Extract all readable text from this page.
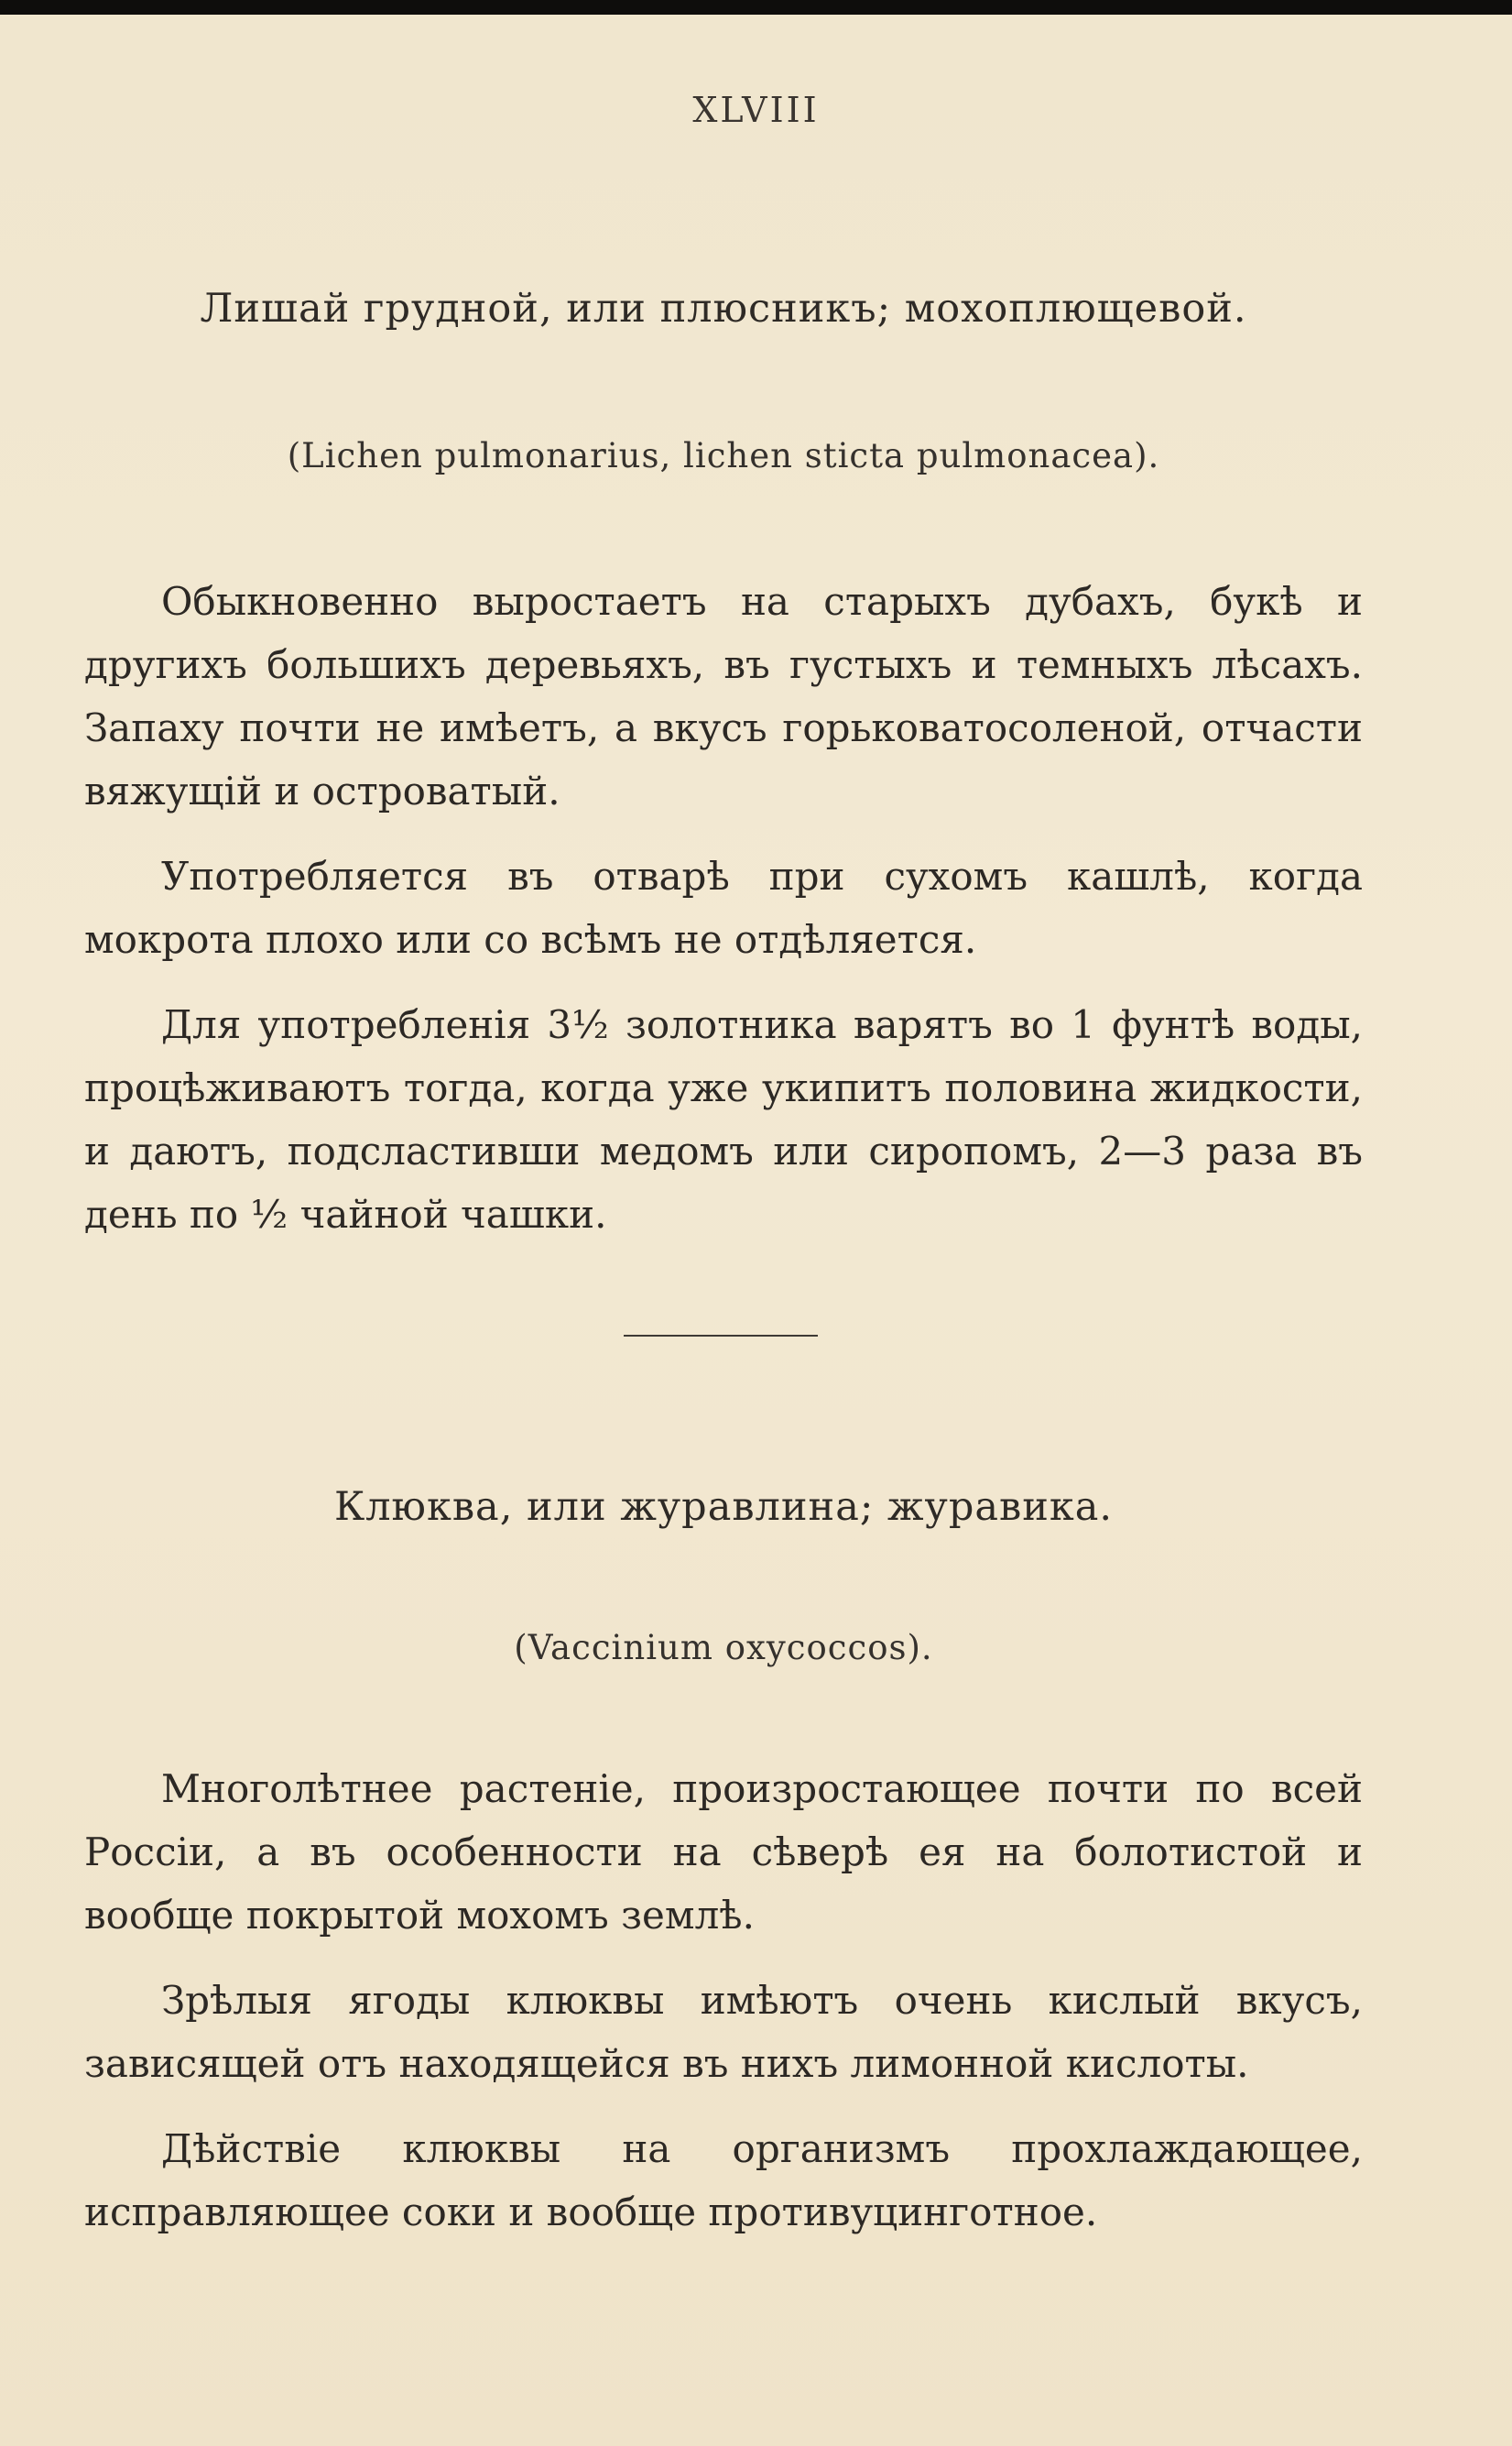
XLVIII

Лишай грудной, или плюсникъ; мохоплющевой.

(Lichen pulmonarius, lichen sticta pulmonacea).

Обыкновенно выростаетъ на старыхъ дубахъ, букѣ и другихъ большихъ деревьяхъ, въ густыхъ и темныхъ лѣсахъ. Запаху почти не имѣетъ, а вкусъ горьковатосоленой, отчасти вяжущій и островатый.

Употребляется въ отварѣ при сухомъ кашлѣ, когда мокрота плохо или со всѣмъ не отдѣляется.

Для употребленія 3½ золотника варятъ во 1 фунтѣ воды, процѣживаютъ тогда, когда уже укипитъ половина жидкости, и даютъ, подсластивши медомъ или сиропомъ, 2—3 раза въ день по ½ чайной чашки.

Клюква, или журавлина; журавика.

(Vaccinium oxycoccos).

Многолѣтнее растеніе, произростающее почти по всей Россіи, а въ особенности на сѣверѣ ея на болотистой и вообще покрытой мохомъ землѣ.

Зрѣлыя ягоды клюквы имѣютъ очень кислый вкусъ, зависящей отъ находящейся въ нихъ лимонной кислоты.

Дѣйствіе клюквы на организмъ прохлаждающее, исправляющее соки и вообще противуцинготное.
